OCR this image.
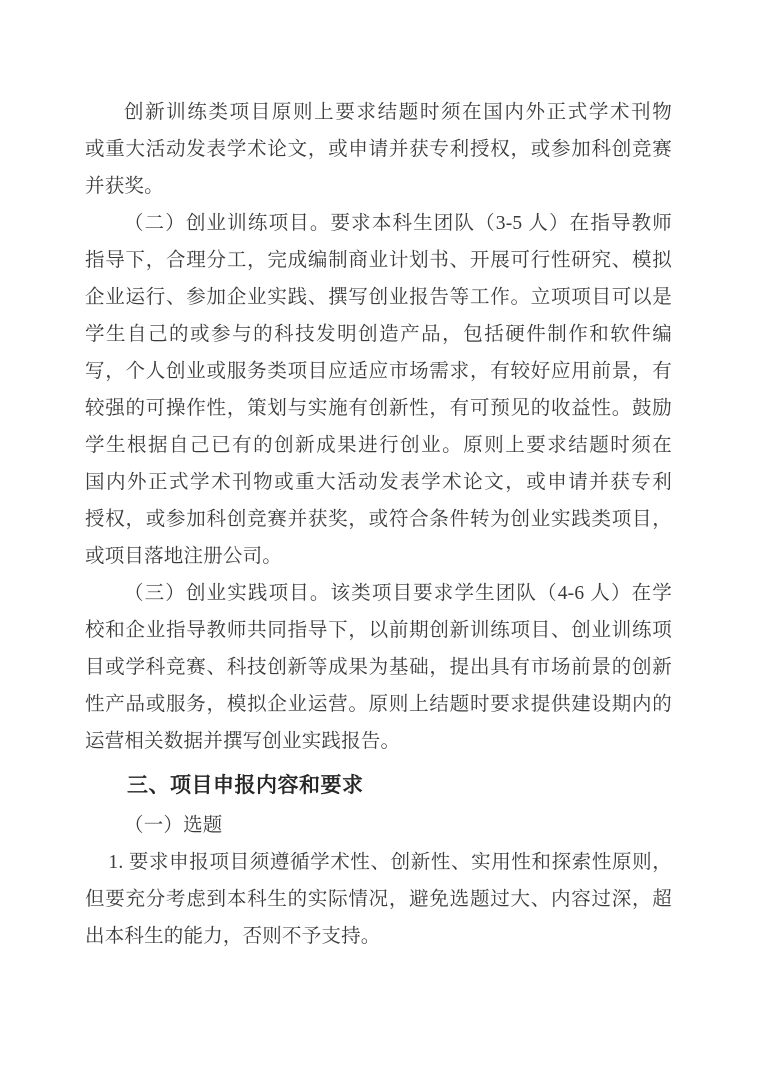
创新训练类项目原则上要求结题时须在国内外正式学术刊物
或重大活动发表学术论文，或申请并获专利授权，或参加科创竞赛
并获奖。
（二）创业训练项目。要求本科生团队（3-5 人）在指导教师
指导下，合理分工，完成编制商业计划书、开展可行性研究、模拟
企业运行、参加企业实践、撰写创业报告等工作。立项项目可以是
学生自己的或参与的科技发明创造产品，包括硬件制作和软件编
写，个人创业或服务类项目应适应市场需求，有较好应用前景，有
较强的可操作性，策划与实施有创新性，有可预见的收益性。鼓励
学生根据自己已有的创新成果进行创业。原则上要求结题时须在
国内外正式学术刊物或重大活动发表学术论文，或申请并获专利
授权，或参加科创竞赛并获奖，或符合条件转为创业实践类项目，
或项目落地注册公司。
（三）创业实践项目。该类项目要求学生团队（4-6 人）在学
校和企业指导教师共同指导下，以前期创新训练项目、创业训练项
目或学科竞赛、科技创新等成果为基础，提出具有市场前景的创新
性产品或服务，模拟企业运营。原则上结题时要求提供建设期内的
运营相关数据并撰写创业实践报告。
三、项目申报内容和要求
（一）选题
1. 要求申报项目须遵循学术性、创新性、实用性和探索性原则，
但要充分考虑到本科生的实际情况，避免选题过大、内容过深，超
出本科生的能力，否则不予支持。
